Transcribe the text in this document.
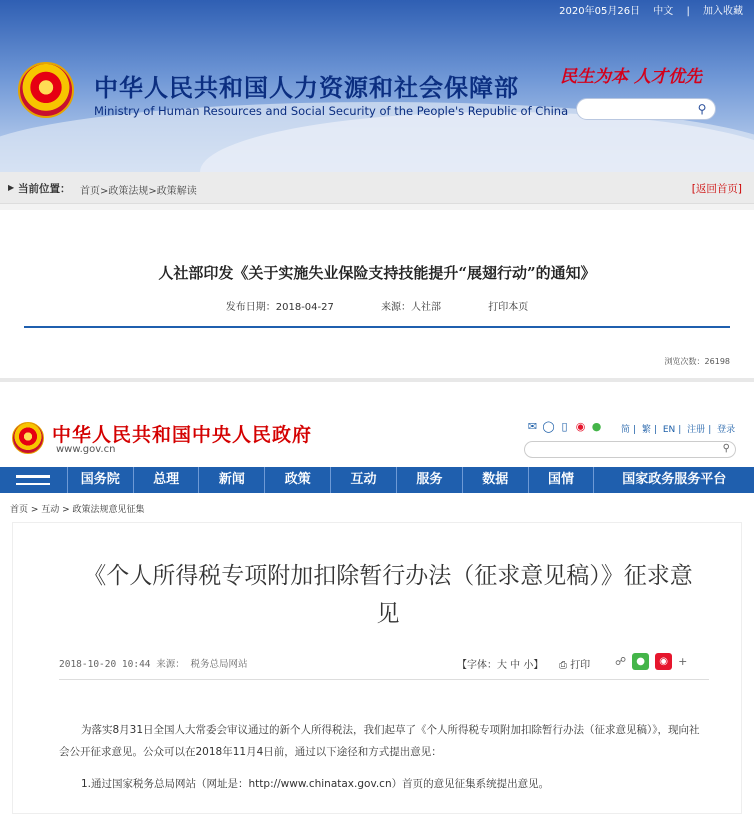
2020年05月26日 中文 | 加入收藏
中华人民共和国人力资源和社会保障部
Ministry of Human Resources and Social Security of the People's Republic of China
民生为本 人才优先
⚲
▶ 当前位置： 首页>政策法规>政策解读	[返回首页]
人社部印发《关于实施失业保险支持技能提升“展翅行动”的通知》
发布日期：2018-04-27	来源：人社部	打印本页
浏览次数：26198
中华人民共和国中央人民政府
www.gov.cn
✉ ◯ ▯ ◉ ●	简 | 繁 | EN | 注册 | 登录
⚲
国务院	总理	新闻	政策	互动	服务	数据	国情	国家政务服务平台
首页 > 互动 > 政策法规意见征集
《个人所得税专项附加扣除暂行办法（征求意见稿）》征求意见
2018-10-20 10:44 来源： 税务总局网站	【字体：大 中 小】 ⎙ 打印 ☍	●	◉ +
为落实8月31日全国人大常委会审议通过的新个人所得税法，我们起草了《个人所得税专项附加扣除暂行办法（征求意见稿）》，现向社会公开征求意见。公众可以在2018年11月4日前，通过以下途径和方式提出意见：
1.通过国家税务总局网站（网址是：http://www.chinatax.gov.cn）首页的意见征集系统提出意见。
